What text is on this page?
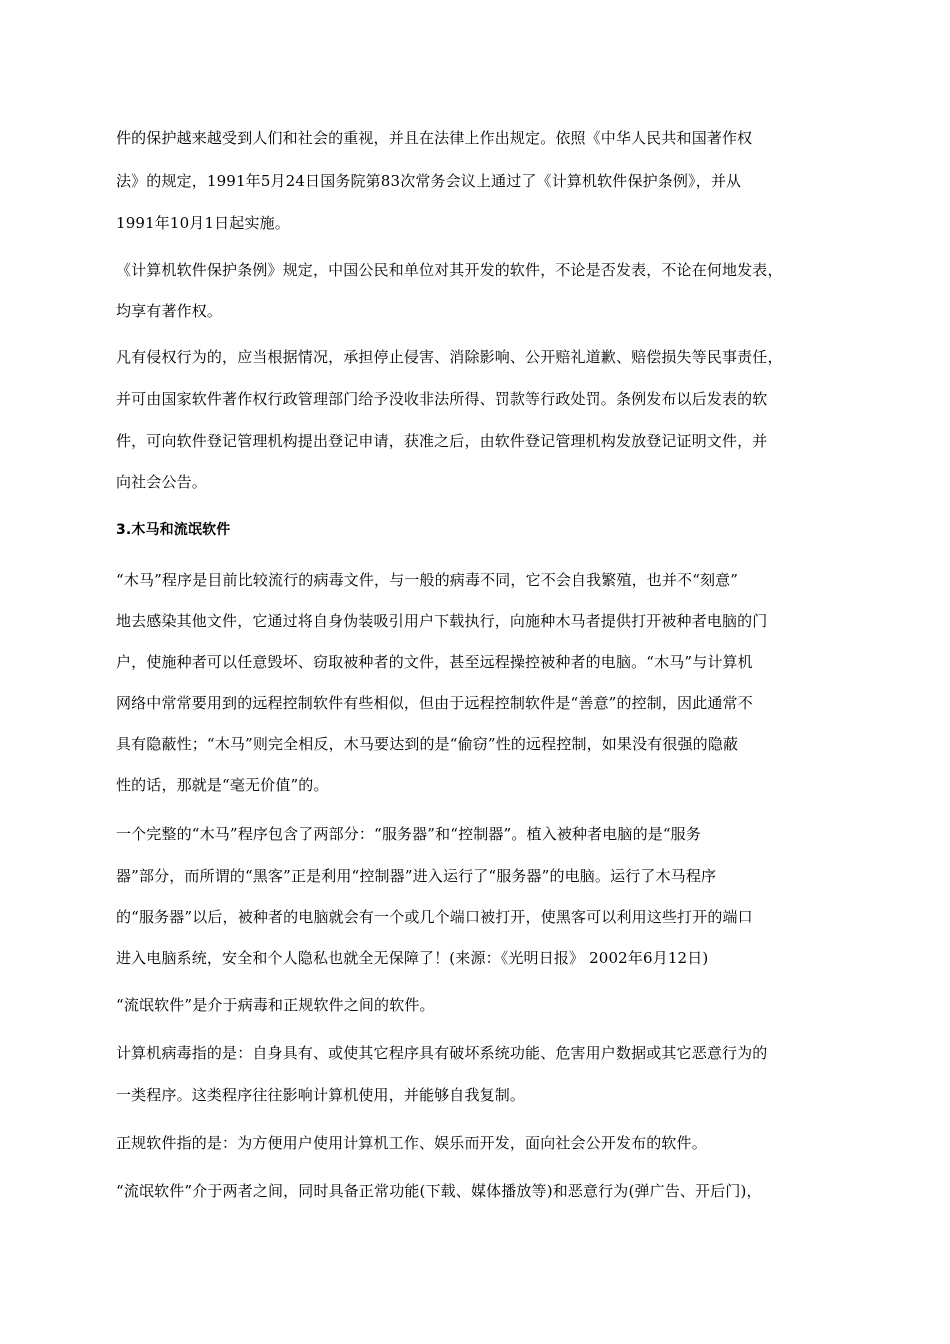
件的保护越来越受到人们和社会的重视，并且在法律上作出规定。依照《中华人民共和国著作权
法》的规定，1991年5月24日国务院第83次常务会议上通过了《计算机软件保护条例》，并从
1991年10月1日起实施。
《计算机软件保护条例》规定，中国公民和单位对其开发的软件，不论是否发表，不论在何地发表，
均享有著作权。
凡有侵权行为的，应当根据情况，承担停止侵害、消除影响、公开赔礼道歉、赔偿损失等民事责任，
并可由国家软件著作权行政管理部门给予没收非法所得、罚款等行政处罚。条例发布以后发表的软
件，可向软件登记管理机构提出登记申请，获准之后，由软件登记管理机构发放登记证明文件，并
向社会公告。
3.木马和流氓软件
“木马”程序是目前比较流行的病毒文件，与一般的病毒不同，它不会自我繁殖，也并不“刻意”
地去感染其他文件，它通过将自身伪装吸引用户下载执行，向施种木马者提供打开被种者电脑的门
户，使施种者可以任意毁坏、窃取被种者的文件，甚至远程操控被种者的电脑。“木马”与计算机
网络中常常要用到的远程控制软件有些相似，但由于远程控制软件是“善意”的控制，因此通常不
具有隐蔽性；“木马”则完全相反，木马要达到的是“偷窃”性的远程控制，如果没有很强的隐蔽
性的话，那就是“毫无价值”的。
一个完整的“木马”程序包含了两部分：“服务器”和“控制器”。植入被种者电脑的是“服务
器”部分，而所谓的“黑客”正是利用“控制器”进入运行了“服务器”的电脑。运行了木马程序
的“服务器”以后，被种者的电脑就会有一个或几个端口被打开，使黑客可以利用这些打开的端口
进入电脑系统，安全和个人隐私也就全无保障了！(来源：《光明日报》 2002年6月12日)
“流氓软件”是介于病毒和正规软件之间的软件。
计算机病毒指的是：自身具有、或使其它程序具有破坏系统功能、危害用户数据或其它恶意行为的
一类程序。这类程序往往影响计算机使用，并能够自我复制。
正规软件指的是：为方便用户使用计算机工作、娱乐而开发，面向社会公开发布的软件。
“流氓软件”介于两者之间，同时具备正常功能(下载、媒体播放等)和恶意行为(弹广告、开后门)，
